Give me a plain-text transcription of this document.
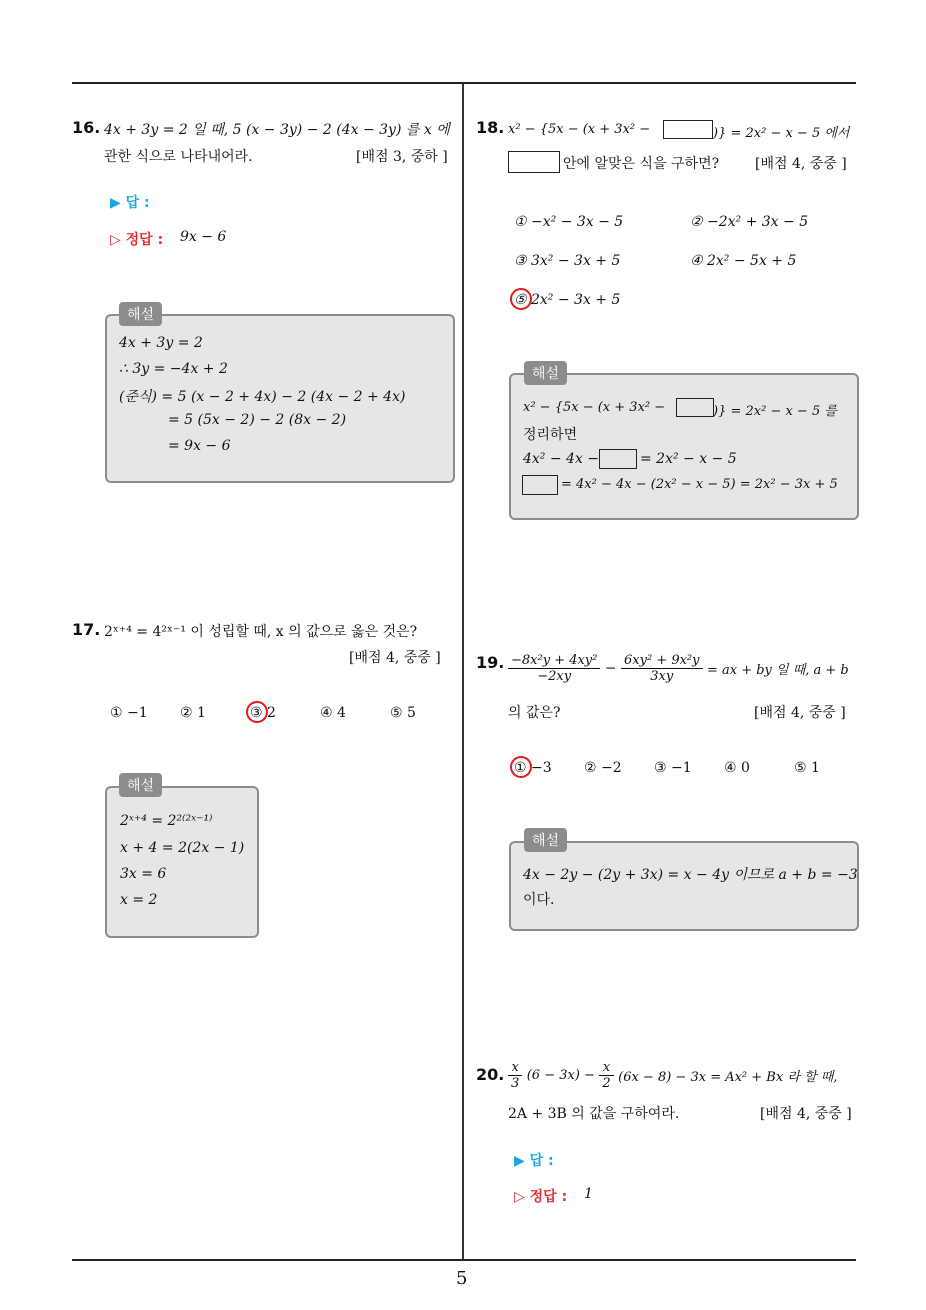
16. 4x + 3y = 2 일 때, 5 (x − 3y) − 2 (4x − 3y) 를 x 에
관한 식으로 나타내어라.	[배점 3, 중하 ]
▶ 답 :
▷ 정답 : 9x − 6
해설
4x + 3y = 2
∴ 3y = −4x + 2
(준식) = 5 (x − 2 + 4x) − 2 (4x − 2 + 4x)
= 5 (5x − 2) − 2 (8x − 2)
= 9x − 6
17. 2ˣ⁺⁴ = 4²ˣ⁻¹ 이 성립할 때, x 의 값으로 옳은 것은?
[배점 4, 중중 ]
① −1 ② 1	③ 2	④ 4	⑤ 5
해설
2ˣ⁺⁴ = 2²⁽²ˣ⁻¹⁾
x + 4 = 2(2x − 1)
3x = 6
x = 2
18. x² − {5x − (x + 3x² −	)} = 2x² − x − 5 에서
안에 알맞은 식을 구하면?	[배점 4, 중중 ]
① −x² − 3x − 5	② −2x² + 3x − 5
③ 3x² − 3x + 5	④ 2x² − 5x + 5
⑤ 2x² − 3x + 5
해설
x² − {5x − (x + 3x² −	)} = 2x² − x − 5 를
정리하면
4x² − 4x −	= 2x² − x − 5
= 4x² − 4x − (2x² − x − 5) = 2x² − 3x + 5
19. $\frac{\text{−8x²y + 4xy²}}{-2xy} - \frac{\text{6xy² + 9x²y}}{3xy}$ = ax + by 일 때, a + b
의 값은?	[배점 4, 중중 ]
① −3 ② −2 ③ −1 ④ 0	⑤ 1
해설
4x − 2y − (2y + 3x) = x − 4y 이므로 a + b = −3
이다.
20. $\frac{x}{3} (6 - 3x) - \frac{x}{2} (6x - 8) - 3x = Ax^2 + Bx$ 라 할 때,
2A + 3B 의 값을 구하여라.	[배점 4, 중중 ]
▶ 답 :
▷ 정답 : 1
5
